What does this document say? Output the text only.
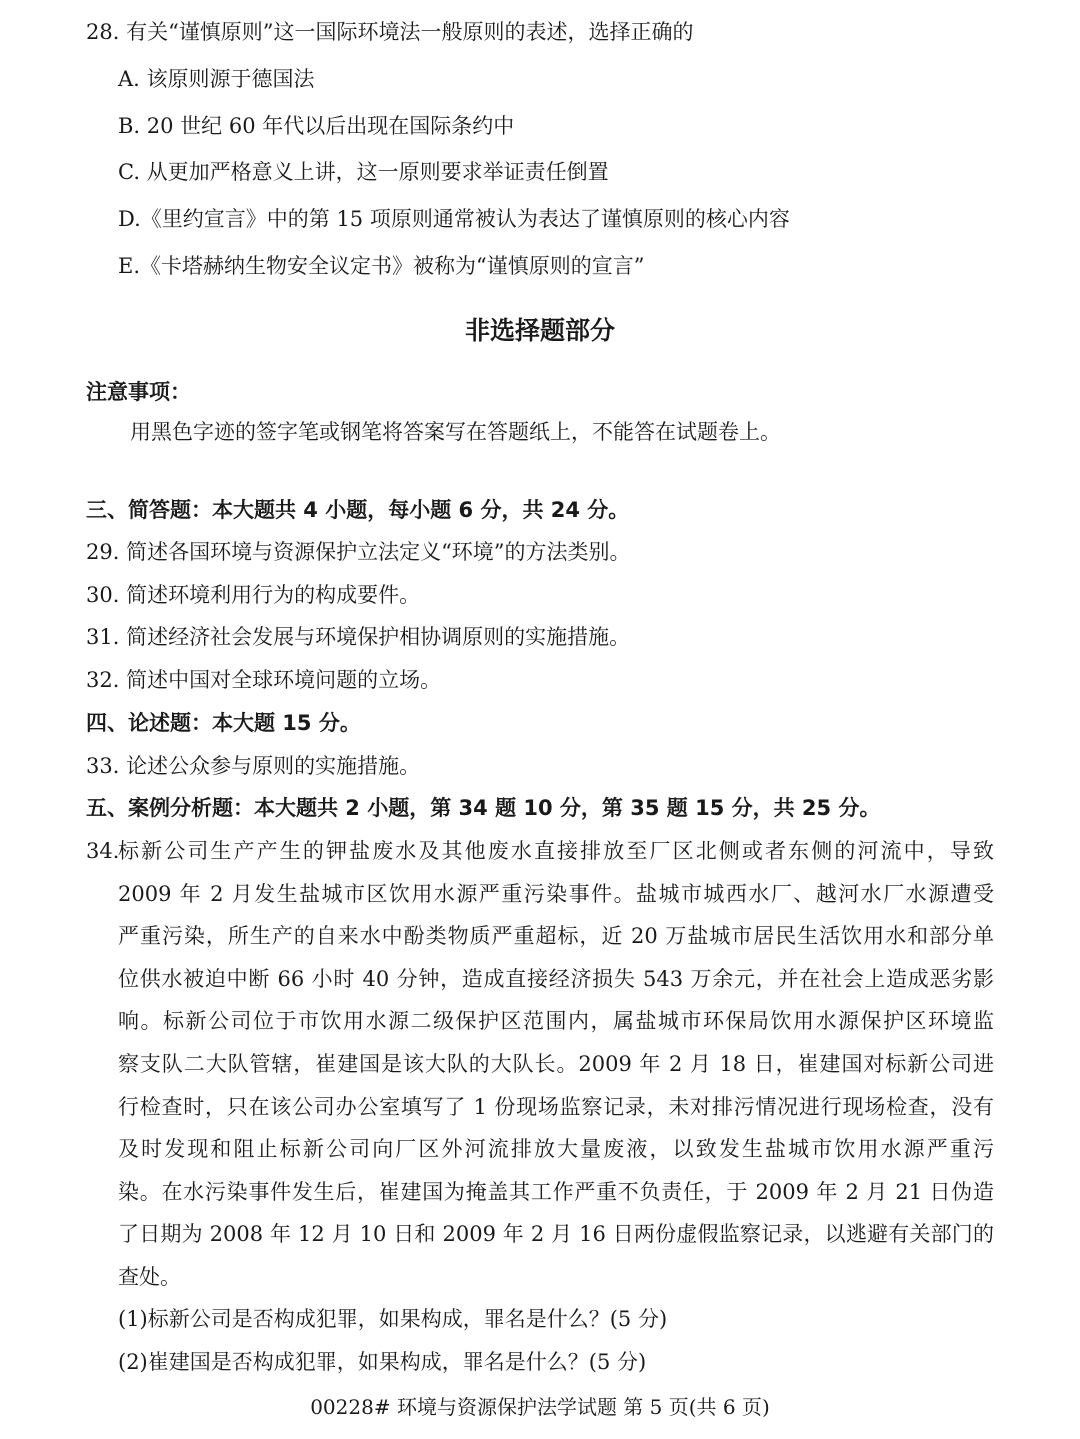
28. 有关“谨慎原则”这一国际环境法一般原则的表述，选择正确的
A. 该原则源于德国法
B. 20 世纪 60 年代以后出现在国际条约中
C. 从更加严格意义上讲，这一原则要求举证责任倒置
D.《里约宣言》中的第 15 项原则通常被认为表达了谨慎原则的核心内容
E.《卡塔赫纳生物安全议定书》被称为“谨慎原则的宣言”
非选择题部分
注意事项：
用黑色字迹的签字笔或钢笔将答案写在答题纸上，不能答在试题卷上。
三、简答题：本大题共 4 小题，每小题 6 分，共 24 分。
29. 简述各国环境与资源保护立法定义“环境”的方法类别。
30. 简述环境利用行为的构成要件。
31. 简述经济社会发展与环境保护相协调原则的实施措施。
32. 简述中国对全球环境问题的立场。
四、论述题：本大题 15 分。
33. 论述公众参与原则的实施措施。
五、案例分析题：本大题共 2 小题，第 34 题 10 分，第 35 题 15 分，共 25 分。
34.
标新公司生产产生的钾盐废水及其他废水直接排放至厂区北侧或者东侧的河流中，导致
2009 年 2 月发生盐城市区饮用水源严重污染事件。盐城市城西水厂、越河水厂水源遭受
严重污染，所生产的自来水中酚类物质严重超标，近 20 万盐城市居民生活饮用水和部分单
位供水被迫中断 66 小时 40 分钟，造成直接经济损失 543 万余元，并在社会上造成恶劣影
响。标新公司位于市饮用水源二级保护区范围内，属盐城市环保局饮用水源保护区环境监
察支队二大队管辖，崔建国是该大队的大队长。2009 年 2 月 18 日，崔建国对标新公司进
行检查时，只在该公司办公室填写了 1 份现场监察记录，未对排污情况进行现场检查，没有
及时发现和阻止标新公司向厂区外河流排放大量废液，以致发生盐城市饮用水源严重污
染。在水污染事件发生后，崔建国为掩盖其工作严重不负责任，于 2009 年 2 月 21 日伪造
了日期为 2008 年 12 月 10 日和 2009 年 2 月 16 日两份虚假监察记录，以逃避有关部门的
查处。
(1)标新公司是否构成犯罪，如果构成，罪名是什么？(5 分)
(2)崔建国是否构成犯罪，如果构成，罪名是什么？(5 分)
00228# 环境与资源保护法学试题 第 5 页(共 6 页)
